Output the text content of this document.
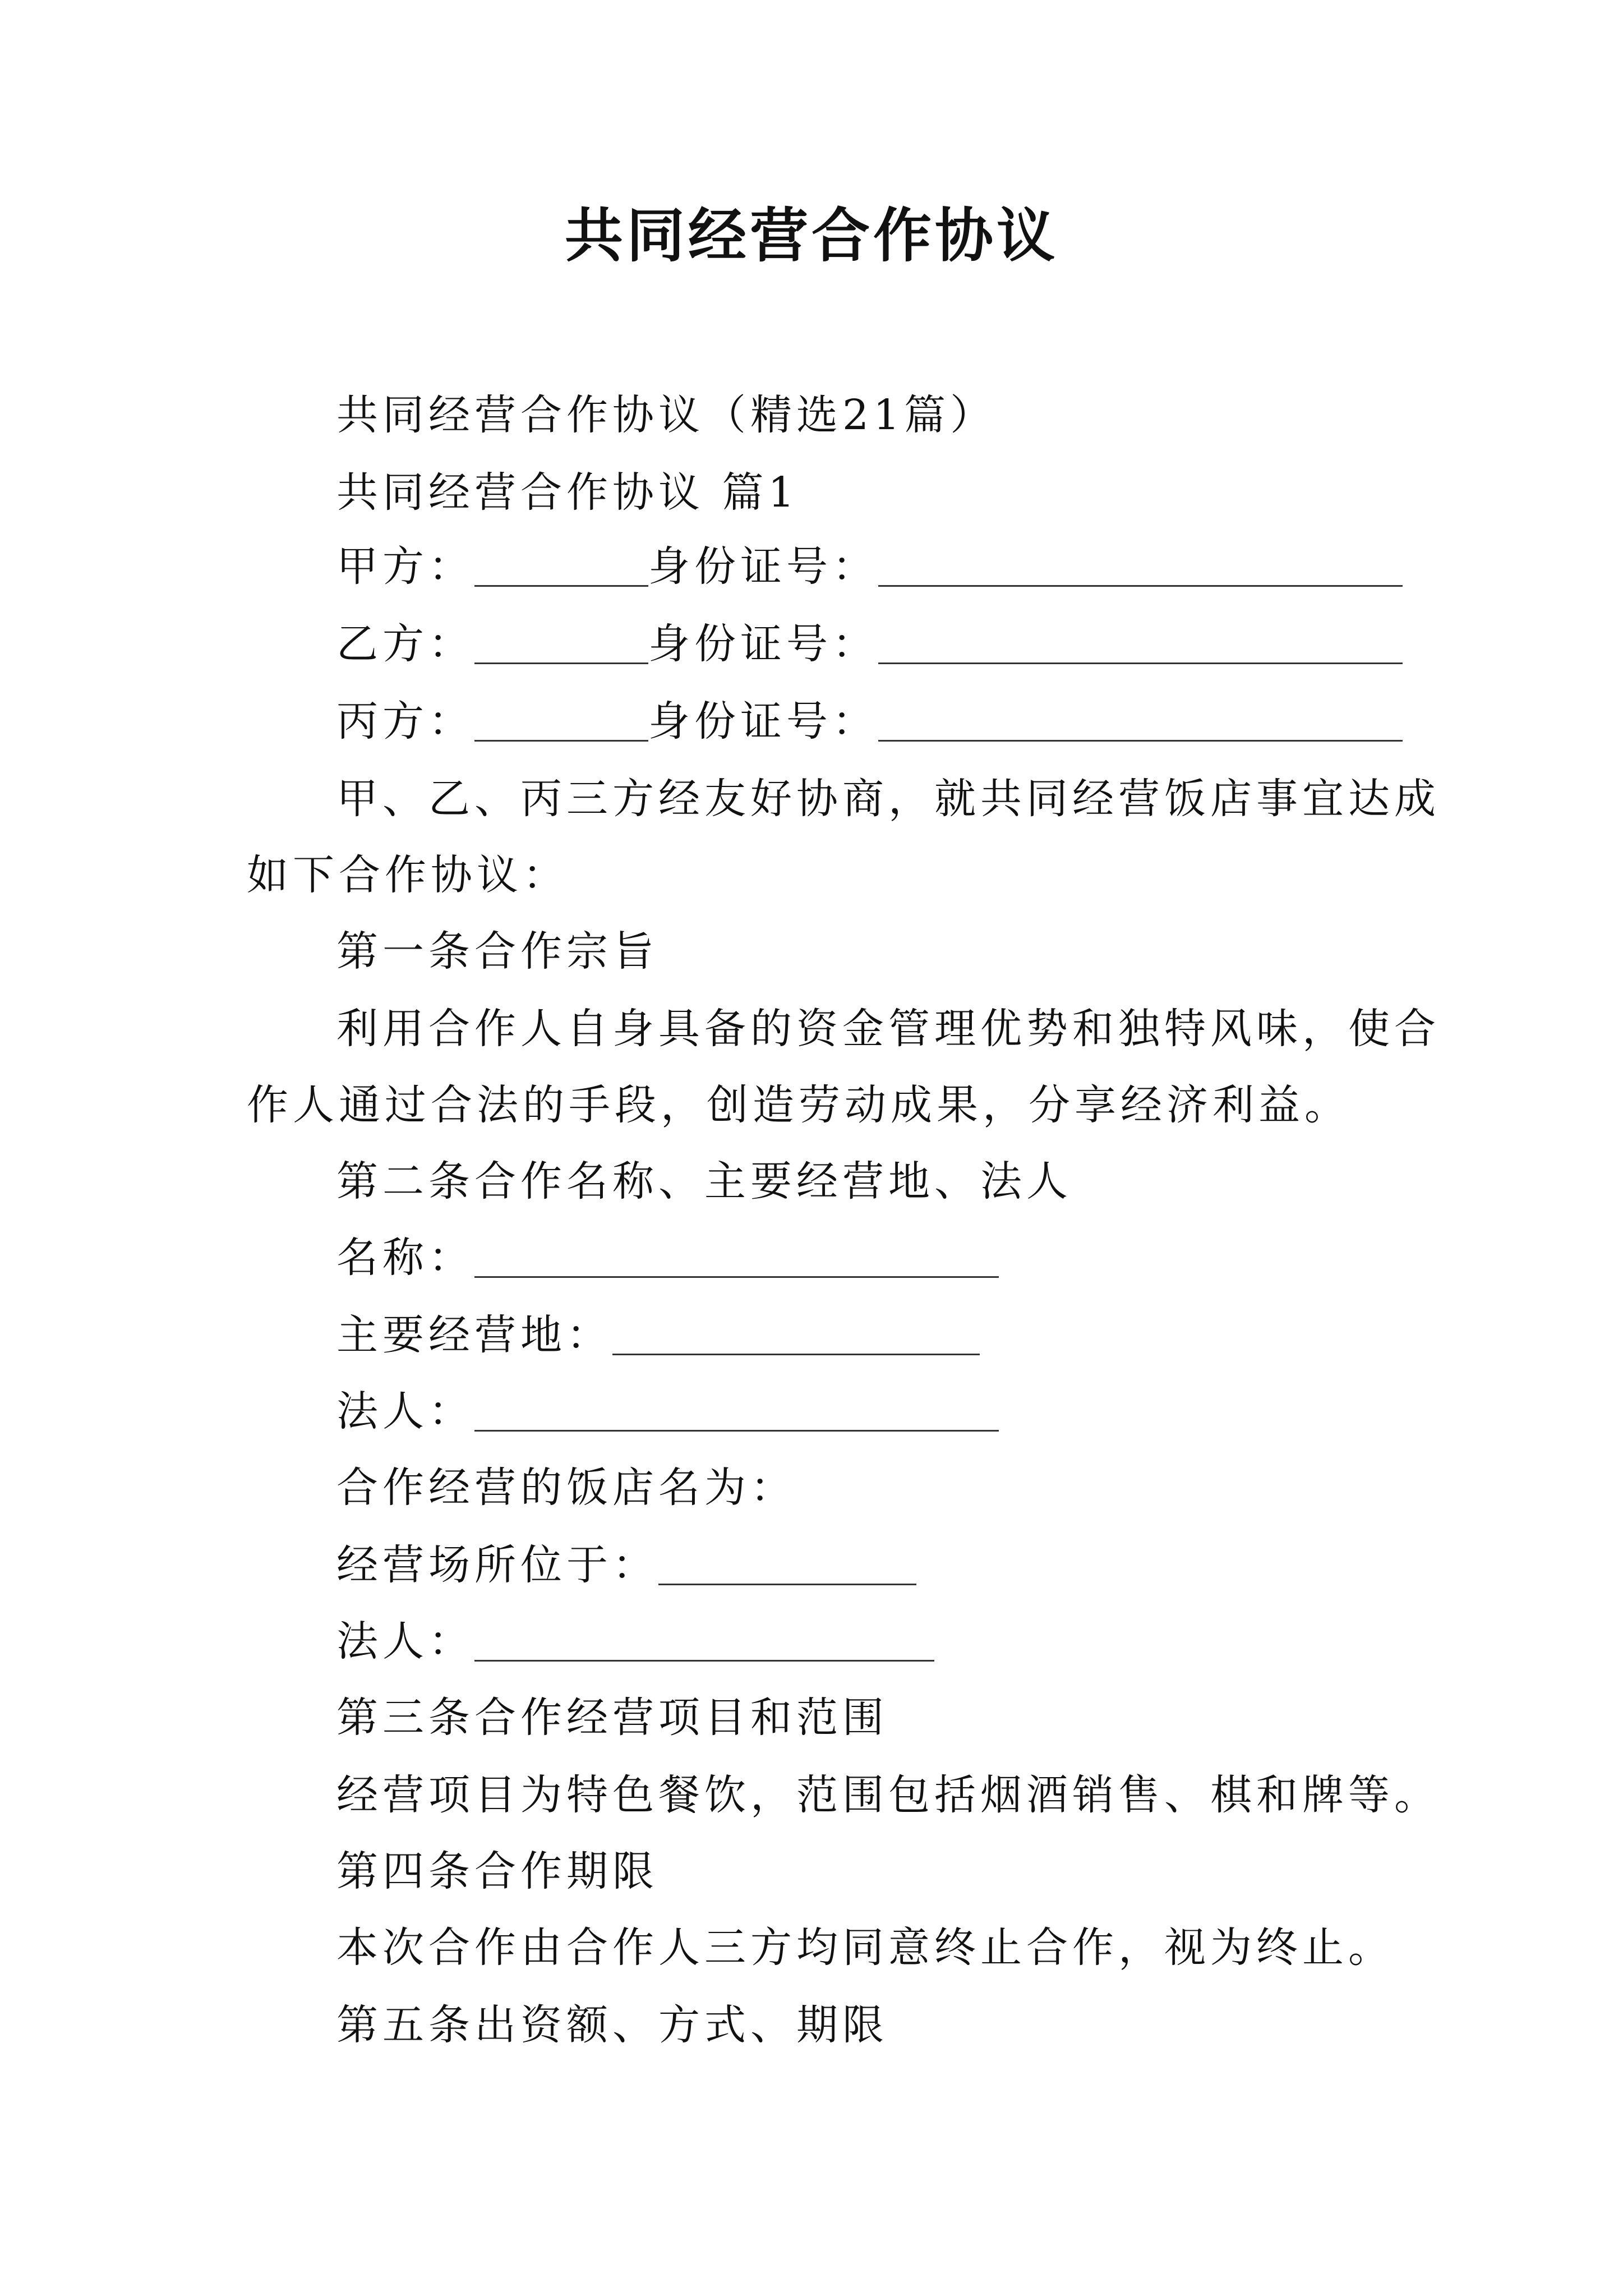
共同经营合作协议
共同经营合作协议（精选21篇）
共同经营合作协议 篇1
甲方：	身份证号：
乙方：	身份证号：
丙方：	身份证号：
甲、乙、丙三方经友好协商，就共同经营饭店事宜达成
如下合作协议：
第一条合作宗旨
利用合作人自身具备的资金管理优势和独特风味，使合
作人通过合法的手段，创造劳动成果，分享经济利益。
第二条合作名称、主要经营地、法人
名称：
主要经营地：
法人：
合作经营的饭店名为：
经营场所位于：
法人：
第三条合作经营项目和范围
经营项目为特色餐饮，范围包括烟酒销售、棋和牌等。
第四条合作期限
本次合作由合作人三方均同意终止合作，视为终止。
第五条出资额、方式、期限
